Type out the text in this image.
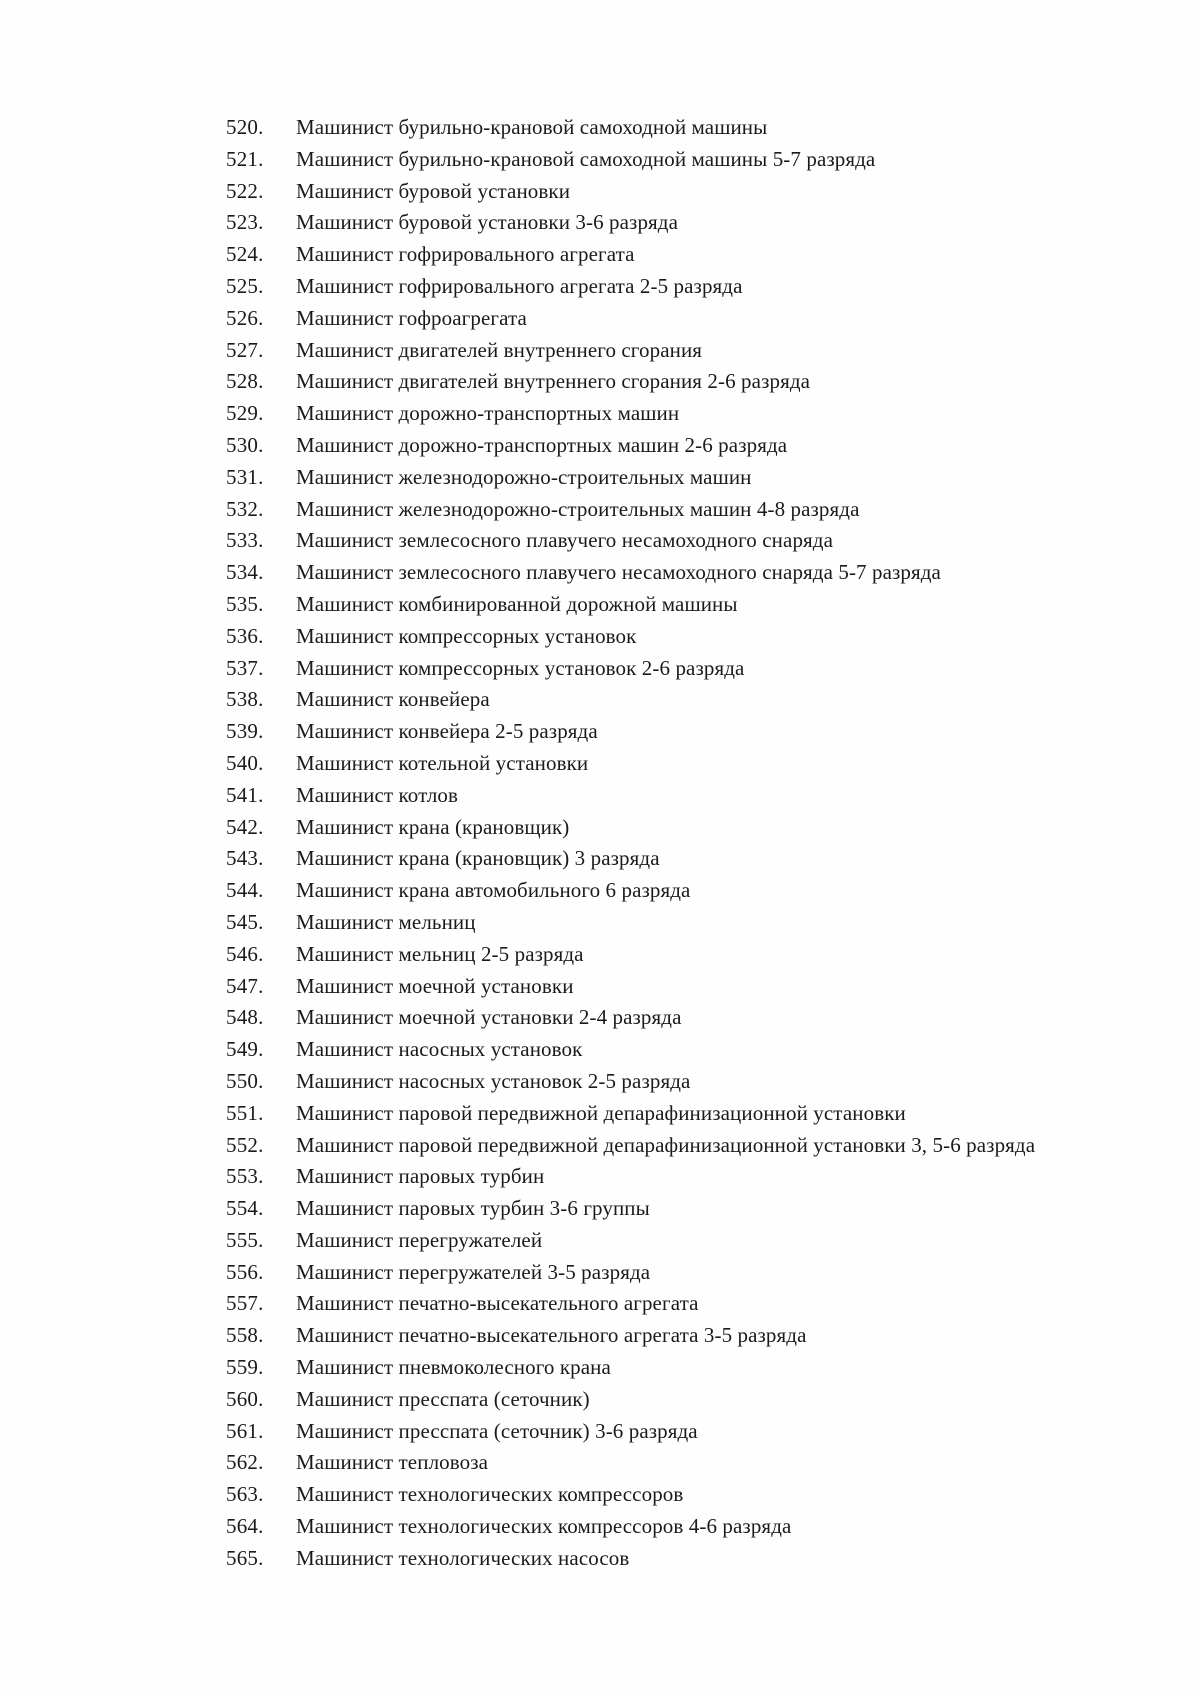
520.	Машинист бурильно-крановой самоходной машины
521.	Машинист бурильно-крановой самоходной машины 5-7 разряда
522.	Машинист буровой установки
523.	Машинист буровой установки 3-6 разряда
524.	Машинист гофрировального агрегата
525.	Машинист гофрировального агрегата 2-5 разряда
526.	Машинист гофроагрегата
527.	Машинист двигателей внутреннего сгорания
528.	Машинист двигателей внутреннего сгорания 2-6 разряда
529.	Машинист дорожно-транспортных машин
530.	Машинист дорожно-транспортных машин 2-6 разряда
531.	Машинист железнодорожно-строительных машин
532.	Машинист железнодорожно-строительных машин 4-8 разряда
533.	Машинист землесосного плавучего несамоходного снаряда
534.	Машинист землесосного плавучего несамоходного снаряда 5-7 разряда
535.	Машинист комбинированной дорожной машины
536.	Машинист компрессорных установок
537.	Машинист компрессорных установок 2-6 разряда
538.	Машинист конвейера
539.	Машинист конвейера 2-5 разряда
540.	Машинист котельной установки
541.	Машинист котлов
542.	Машинист крана (крановщик)
543.	Машинист крана (крановщик) 3 разряда
544.	Машинист крана автомобильного 6 разряда
545.	Машинист мельниц
546.	Машинист мельниц 2-5 разряда
547.	Машинист моечной установки
548.	Машинист моечной установки 2-4 разряда
549.	Машинист насосных установок
550.	Машинист насосных установок 2-5 разряда
551.	Машинист паровой передвижной депарафинизационной установки
552.	Машинист паровой передвижной депарафинизационной установки 3, 5-6 разряда
553.	Машинист паровых турбин
554.	Машинист паровых турбин 3-6 группы
555.	Машинист перегружателей
556.	Машинист перегружателей 3-5 разряда
557.	Машинист печатно-высекательного агрегата
558.	Машинист печатно-высекательного агрегата 3-5 разряда
559.	Машинист пневмоколесного крана
560.	Машинист пресспата (сеточник)
561.	Машинист пресспата (сеточник) 3-6 разряда
562.	Машинист тепловоза
563.	Машинист технологических компрессоров
564.	Машинист технологических компрессоров 4-6 разряда
565.	Машинист технологических насосов
